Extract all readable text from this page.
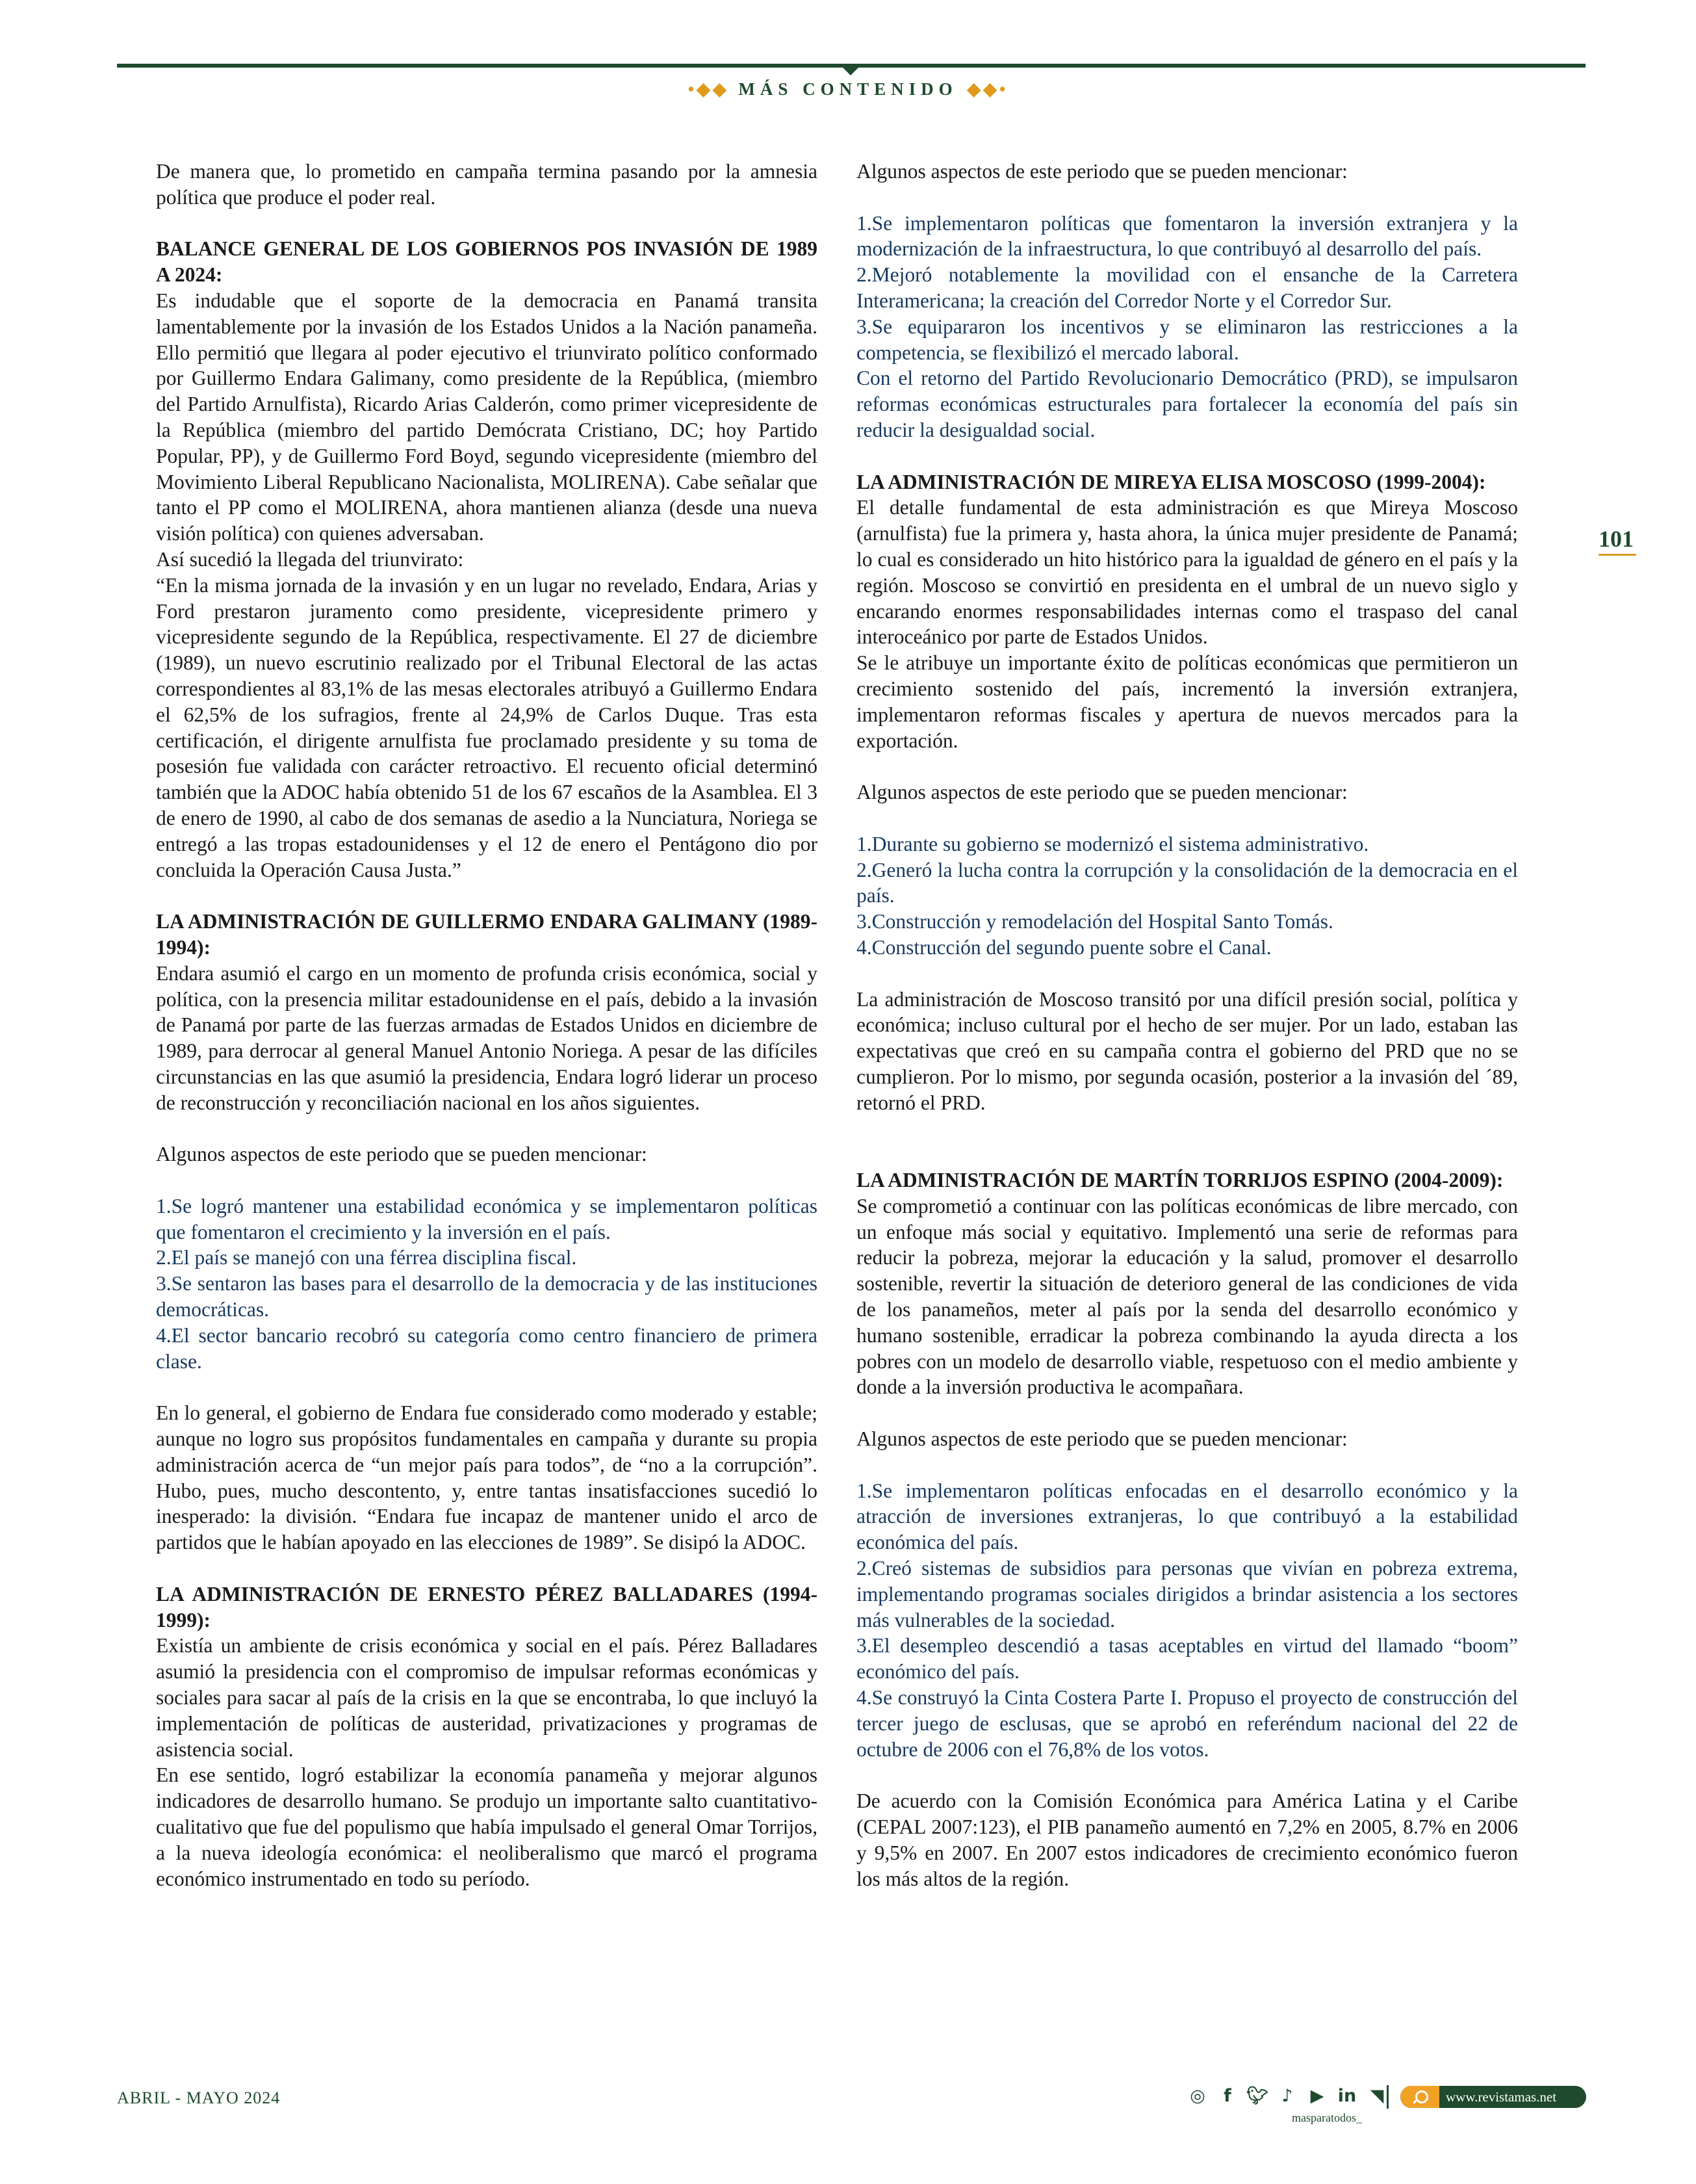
•◆◆ MÁS CONTENIDO ◆◆•

De manera que, lo prometido en campaña termina pasando por la amnesia política que produce el poder real.

BALANCE GENERAL DE LOS GOBIERNOS POS INVASIÓN DE 1989 A 2024:

Es indudable que el soporte de la democracia en Panamá transita lamentablemente por la invasión de los Estados Unidos a la Nación panameña. Ello permitió que llegara al poder ejecutivo el triunvirato político conformado por Guillermo Endara Galimany, como presidente de la República, (miembro del Partido Arnulfista), Ricardo Arias Calderón, como primer vicepresidente de la República (miembro del partido Demócrata Cristiano, DC; hoy Partido Popular, PP), y de Guillermo Ford Boyd, segundo vicepresidente (miembro del Movimiento Liberal Republicano Nacionalista, MOLIRENA). Cabe señalar que tanto el PP como el MOLIRENA, ahora mantienen alianza (desde una nueva visión política) con quienes adversaban.

Así sucedió la llegada del triunvirato:

“En la misma jornada de la invasión y en un lugar no revelado, Endara, Arias y Ford prestaron juramento como presidente, vicepresidente primero y vicepresidente segundo de la República, respectivamente. El 27 de diciembre (1989), un nuevo escrutinio realizado por el Tribunal Electoral de las actas correspondientes al 83,1% de las mesas electorales atribuyó a Guillermo Endara el 62,5% de los sufragios, frente al 24,9% de Carlos Duque. Tras esta certificación, el dirigente arnulfista fue proclamado presidente y su toma de posesión fue validada con carácter retroactivo. El recuento oficial determinó también que la ADOC había obtenido 51 de los 67 escaños de la Asamblea. El 3 de enero de 1990, al cabo de dos semanas de asedio a la Nunciatura, Noriega se entregó a las tropas estadounidenses y el 12 de enero el Pentágono dio por concluida la Operación Causa Justa.”

LA ADMINISTRACIÓN DE GUILLERMO ENDARA GALIMANY (1989-1994):

Endara asumió el cargo en un momento de profunda crisis económica, social y política, con la presencia militar estadounidense en el país, debido a la invasión de Panamá por parte de las fuerzas armadas de Estados Unidos en diciembre de 1989, para derrocar al general Manuel Antonio Noriega. A pesar de las difíciles circunstancias en las que asumió la presidencia, Endara logró liderar un proceso de reconstrucción y reconciliación nacional en los años siguientes.

Algunos aspectos de este periodo que se pueden mencionar:

1.Se logró mantener una estabilidad económica y se implementaron políticas que fomentaron el crecimiento y la inversión en el país.

2.El país se manejó con una férrea disciplina fiscal.

3.Se sentaron las bases para el desarrollo de la democracia y de las instituciones democráticas.

4.El sector bancario recobró su categoría como centro financiero de primera clase.

En lo general, el gobierno de Endara fue considerado como moderado y estable; aunque no logro sus propósitos fundamentales en campaña y durante su propia administración acerca de “un mejor país para todos”, de “no a la corrupción”. Hubo, pues, mucho descontento, y, entre tantas insatisfacciones sucedió lo inesperado: la división. “Endara fue incapaz de mantener unido el arco de partidos que le habían apoyado en las elecciones de 1989”. Se disipó la ADOC.

LA ADMINISTRACIÓN DE ERNESTO PÉREZ BALLADARES (1994-1999):

Existía un ambiente de crisis económica y social en el país. Pérez Balladares asumió la presidencia con el compromiso de impulsar reformas económicas y sociales para sacar al país de la crisis en la que se encontraba, lo que incluyó la implementación de políticas de austeridad, privatizaciones y programas de asistencia social.

En ese sentido, logró estabilizar la economía panameña y mejorar algunos indicadores de desarrollo humano. Se produjo un importante salto cuantitativo-cualitativo que fue del populismo que había impulsado el general Omar Torrijos, a la nueva ideología económica: el neoliberalismo que marcó el programa económico instrumentado en todo su período.

Algunos aspectos de este periodo que se pueden mencionar:

1.Se implementaron políticas que fomentaron la inversión extranjera y la modernización de la infraestructura, lo que contribuyó al desarrollo del país.

2.Mejoró notablemente la movilidad con el ensanche de la Carretera Interamericana; la creación del Corredor Norte y el Corredor Sur.

3.Se equipararon los incentivos y se eliminaron las restricciones a la competencia, se flexibilizó el mercado laboral.

Con el retorno del Partido Revolucionario Democrático (PRD), se impulsaron reformas económicas estructurales para fortalecer la economía del país sin reducir la desigualdad social.

LA ADMINISTRACIÓN DE MIREYA ELISA MOSCOSO (1999-2004):

El detalle fundamental de esta administración es que Mireya Moscoso (arnulfista) fue la primera y, hasta ahora, la única mujer presidente de Panamá; lo cual es considerado un hito histórico para la igualdad de género en el país y la región. Moscoso se convirtió en presidenta en el umbral de un nuevo siglo y encarando enormes responsabilidades internas como el traspaso del canal interoceánico por parte de Estados Unidos.

Se le atribuye un importante éxito de políticas económicas que permitieron un crecimiento sostenido del país, incrementó la inversión extranjera, implementaron reformas fiscales y apertura de nuevos mercados para la exportación.

Algunos aspectos de este periodo que se pueden mencionar:

1.Durante su gobierno se modernizó el sistema administrativo.

2.Generó la lucha contra la corrupción y la consolidación de la democracia en el país.

3.Construcción y remodelación del Hospital Santo Tomás.

4.Construcción del segundo puente sobre el Canal.

La administración de Moscoso transitó por una difícil presión social, política y económica; incluso cultural por el hecho de ser mujer. Por un lado, estaban las expectativas que creó en su campaña contra el gobierno del PRD que no se cumplieron. Por lo mismo, por segunda ocasión, posterior a la invasión del ´89, retornó el PRD.

LA ADMINISTRACIÓN DE MARTÍN TORRIJOS ESPINO (2004-2009):

Se comprometió a continuar con las políticas económicas de libre mercado, con un enfoque más social y equitativo. Implementó una serie de reformas para reducir la pobreza, mejorar la educación y la salud, promover el desarrollo sostenible, revertir la situación de deterioro general de las condiciones de vida de los panameños, meter al país por la senda del desarrollo económico y humano sostenible, erradicar la pobreza combinando la ayuda directa a los pobres con un modelo de desarrollo viable, respetuoso con el medio ambiente y donde a la inversión productiva le acompañara.

Algunos aspectos de este periodo que se pueden mencionar:

1.Se implementaron políticas enfocadas en el desarrollo económico y la atracción de inversiones extranjeras, lo que contribuyó a la estabilidad económica del país.

2.Creó sistemas de subsidios para personas que vivían en pobreza extrema, implementando programas sociales dirigidos a brindar asistencia a los sectores más vulnerables de la sociedad.

3.El desempleo descendió a tasas aceptables en virtud del llamado “boom” económico del país.

4.Se construyó la Cinta Costera Parte I. Propuso el proyecto de construcción del tercer juego de esclusas, que se aprobó en referéndum nacional del 22 de octubre de 2006 con el 76,8% de los votos.

De acuerdo con la Comisión Económica para América Latina y el Caribe (CEPAL 2007:123), el PIB panameño aumentó en 7,2% en 2005, 8.7% en 2006 y 9,5% en 2007. En 2007 estos indicadores de crecimiento económico fueron los más altos de la región.

101
ABRIL - MAYO 2024	◎	f 🐦︎ ♪	▶ in ◥
masparatodos_
www.revistamas.net
